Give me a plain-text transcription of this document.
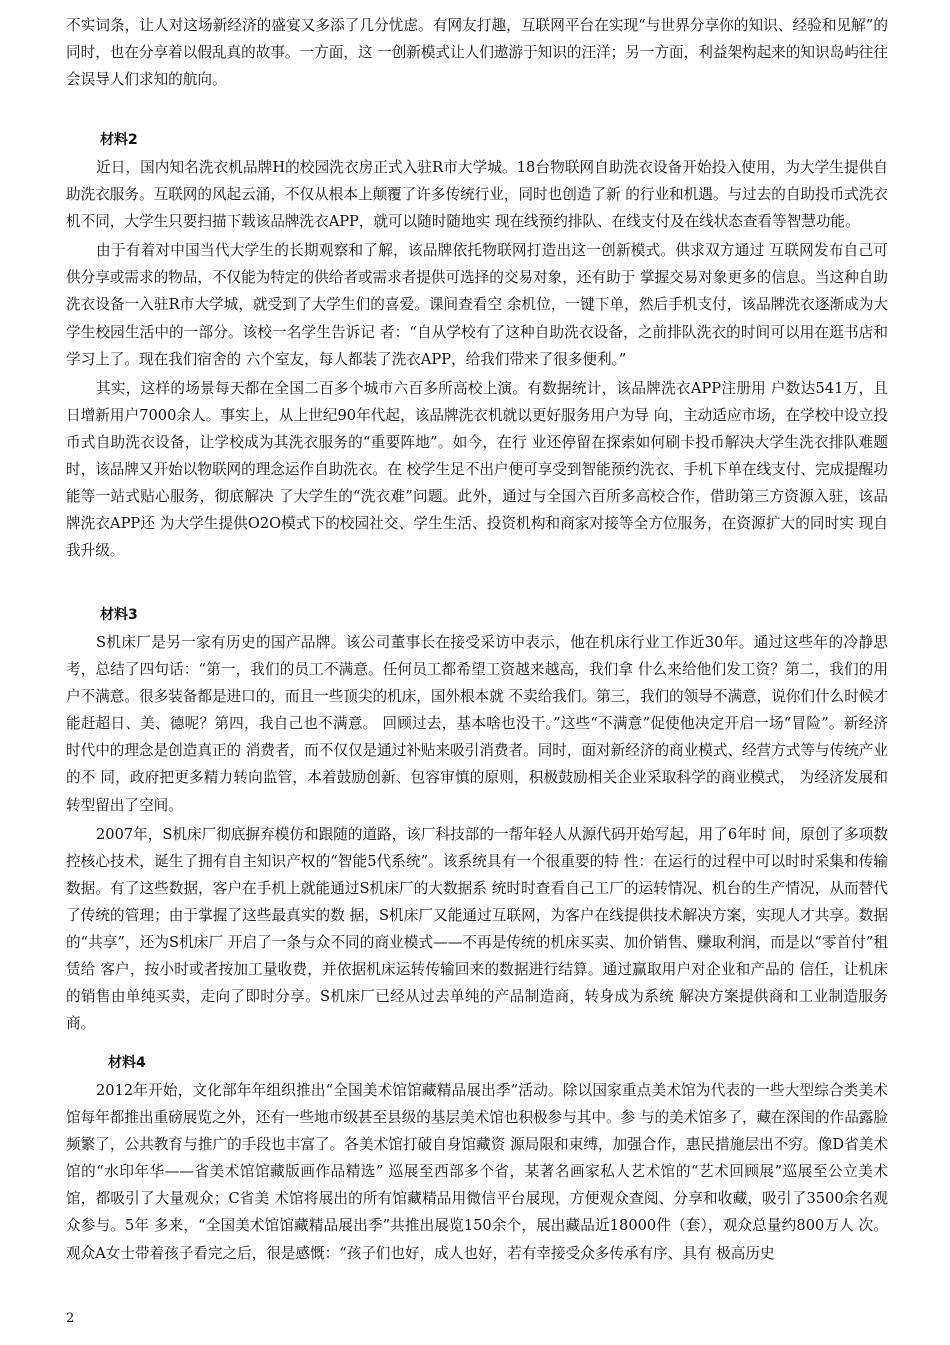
不实词条，让人对这场新经济的盛宴又多添了几分忧虑。有网友打趣，互联网平台在实现“与世界分享你的知识、经验和见解”的同时，也在分享着以假乱真的故事。一方面，这 一创新模式让人们遨游于知识的汪洋；另一方面，利益架构起来的知识岛屿往往会误导人们求知的航向。

材料2

近日，国内知名洗衣机品牌H的校园洗衣房正式入驻R市大学城。18台物联网自助洗衣设备开始投入使用，为大学生提供自助洗衣服务。互联网的风起云涌，不仅从根本上颠覆了许多传统行业，同时也创造了新 的行业和机遇。与过去的自助投币式洗衣机不同，大学生只要扫描下载该品牌洗衣APP，就可以随时随地实 现在线预约排队、在线支付及在线状态查看等智慧功能。

由于有着对中国当代大学生的长期观察和了解，该品牌依托物联网打造出这一创新模式。供求双方通过 互联网发布自己可供分享或需求的物品，不仅能为特定的供给者或需求者提供可选择的交易对象，还有助于 掌握交易对象更多的信息。当这种自助洗衣设备一入驻R市大学城，就受到了大学生们的喜爱。课间查看空 余机位，一键下单，然后手机支付，该品牌洗衣逐渐成为大学生校园生活中的一部分。该校一名学生告诉记 者：“自从学校有了这种自助洗衣设备，之前排队洗衣的时间可以用在逛书店和学习上了。现在我们宿舍的 六个室友，每人都装了洗衣APP，给我们带来了很多便利。”

其实，这样的场景每天都在全国二百多个城市六百多所高校上演。有数据统计，该品牌洗衣APP注册用 户数达541万，且日增新用户7000余人。事实上，从上世纪90年代起，该品牌洗衣机就以更好服务用户为导 向，主动适应市场，在学校中设立投币式自助洗衣设备，让学校成为其洗衣服务的“重要阵地”。如今，在行 业还停留在探索如何刷卡投币解决大学生洗衣排队难题时，该品牌又开始以物联网的理念运作自助洗衣。在 校学生足不出户便可享受到智能预约洗衣、手机下单在线支付、完成提醒功能等一站式贴心服务，彻底解决 了大学生的“洗衣难”问题。此外，通过与全国六百所多高校合作，借助第三方资源入驻，该品牌洗衣APP还 为大学生提供O2O模式下的校园社交、学生生活、投资机构和商家对接等全方位服务，在资源扩大的同时实 现自我升级。

材料3

S机床厂是另一家有历史的国产品牌。该公司董事长在接受采访中表示，他在机床行业工作近30年。通过这些年的冷静思考，总结了四句话：“第一，我们的员工不满意。任何员工都希望工资越来越高，我们拿 什么来给他们发工资？第二，我们的用户不满意。很多装备都是进口的，而且一些顶尖的机床，国外根本就 不卖给我们。第三，我们的领导不满意，说你们什么时候才能赶超日、美、德呢？第四，我自己也不满意。 回顾过去，基本啥也没干。”这些“不满意”促使他决定开启一场“冒险”。新经济时代中的理念是创造真正的 消费者，而不仅仅是通过补贴来吸引消费者。同时，面对新经济的商业模式、经营方式等与传统产业的不 同，政府把更多精力转向监管，本着鼓励创新、包容审慎的原则，积极鼓励相关企业采取科学的商业模式， 为经济发展和转型留出了空间。

2007年，S机床厂彻底摒弃模仿和跟随的道路，该厂科技部的一帮年轻人从源代码开始写起，用了6年时 间，原创了多项数控核心技术，诞生了拥有自主知识产权的“智能5代系统”。该系统具有一个很重要的特 性：在运行的过程中可以时时采集和传输数据。有了这些数据，客户在手机上就能通过S机床厂的大数据系 统时时查看自己工厂的运转情况、机台的生产情况，从而替代了传统的管理；由于掌握了这些最真实的数 据，S机床厂又能通过互联网，为客户在线提供技术解决方案，实现人才共享。数据的“共享”，还为S机床厂 开启了一条与众不同的商业模式——不再是传统的机床买卖、加价销售、赚取利润，而是以“零首付”租赁给 客户，按小时或者按加工量收费，并依据机床运转传输回来的数据进行结算。通过赢取用户对企业和产品的 信任，让机床的销售由单纯买卖，走向了即时分享。S机床厂已经从过去单纯的产品制造商，转身成为系统 解决方案提供商和工业制造服务商。

材料4

2012年开始，文化部年年组织推出“全国美术馆馆藏精品展出季”活动。除以国家重点美术馆为代表的一些大型综合类美术馆每年都推出重磅展览之外，还有一些地市级甚至县级的基层美术馆也积极参与其中。参 与的美术馆多了，藏在深闺的作品露脸频繁了，公共教育与推广的手段也丰富了。各美术馆打破自身馆藏资 源局限和束缚，加强合作，惠民措施层出不穷。像D省美术馆的“水印年华——省美术馆馆藏版画作品精选” 巡展至西部多个省，某著名画家私人艺术馆的“艺术回顾展”巡展至公立美术馆，都吸引了大量观众；C省美 术馆将展出的所有馆藏精品用微信平台展现，方便观众查阅、分享和收藏，吸引了3500余名观众参与。5年 多来，“全国美术馆馆藏精品展出季”共推出展览150余个，展出藏品近18000件（套），观众总量约800万人 次。观众A女士带着孩子看完之后，很是感慨：“孩子们也好，成人也好，若有幸接受众多传承有序、具有 极高历史

2
